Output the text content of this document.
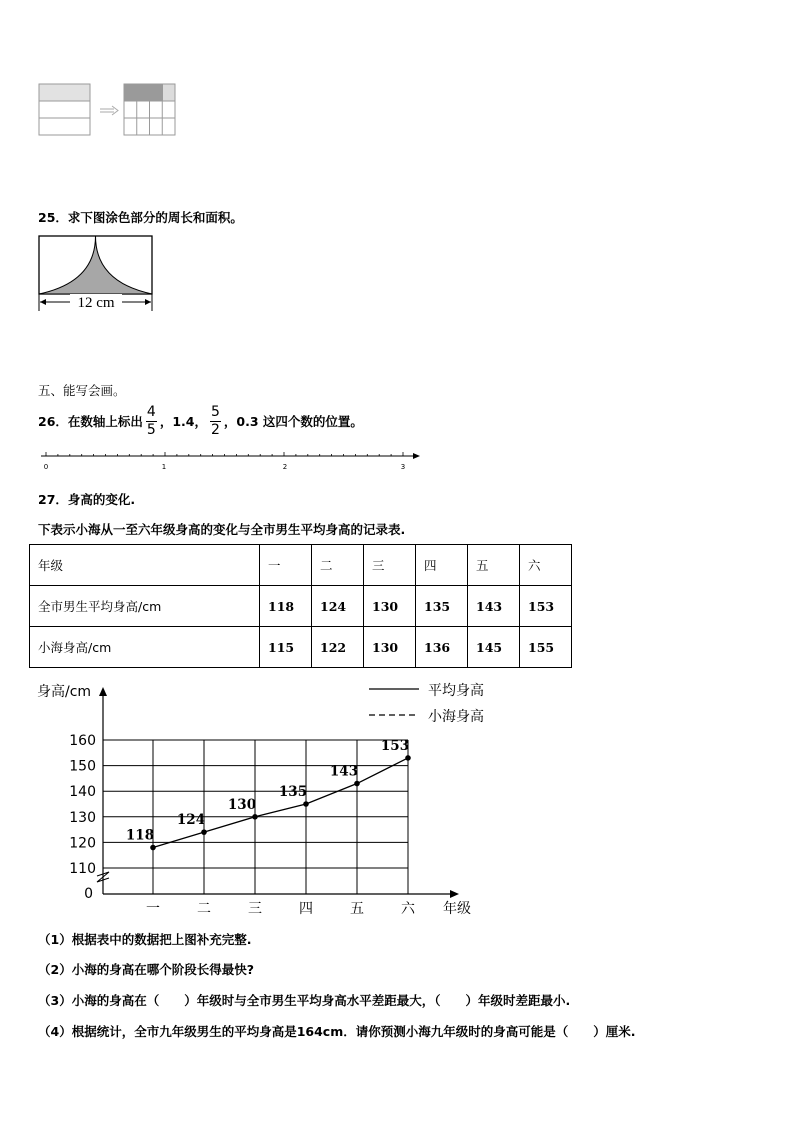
25．求下图涂色部分的周长和面积。
12 cm
五、能写会画。
26．在数轴上标出 $\frac{4}{5}$ ，1.4， $\frac{5}{2}$ ，0.3 这四个数的位置。
0	1	2	3
27．身高的变化.
下表示小海从一至六年级身高的变化与全市男生平均身高的记录表.
年级	一	二	三	四	五	六
全市男生平均身高/cm	118	124	130	135	143	153
小海身高/cm	115	122	130	136	145	155
身高/cm	平均身高
小海身高
110
120
130
140
150
160
一	二	三	四	五	六
118
124
130
135
143
153
0
年级
（1）根据表中的数据把上图补充完整.
（2）小海的身高在哪个阶段长得最快?
（3）小海的身高在（　　）年级时与全市男生平均身高水平差距最大，（　　）年级时差距最小.
（4）根据统计，全市九年级男生的平均身高是164cm．请你预测小海九年级时的身高可能是（　　）厘米.
